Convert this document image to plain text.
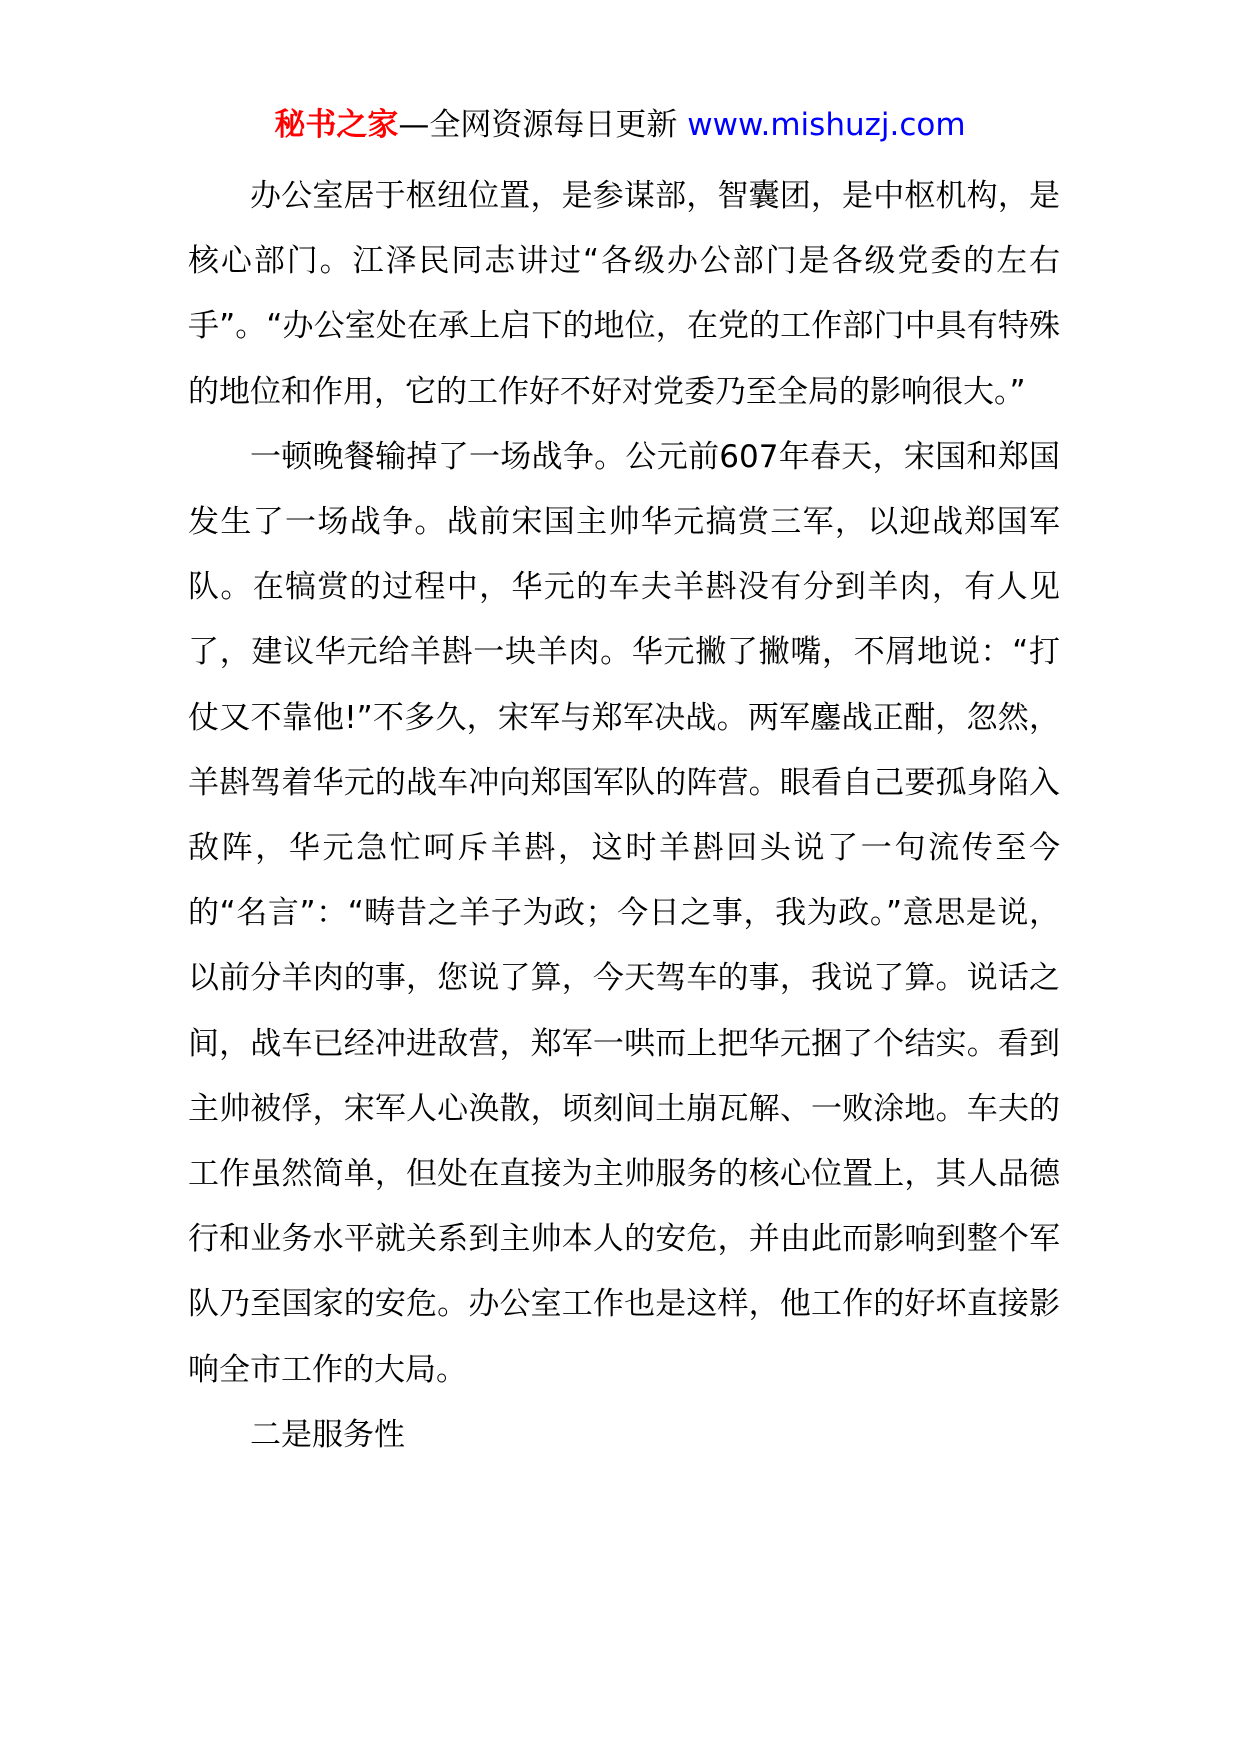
秘书之家—全网资源每日更新 www.mishuzj.com

办公室居于枢纽位置，是参谋部，智囊团，是中枢机构，是核心部门。江泽民同志讲过“各级办公部门是各级党委的左右手”。“办公室处在承上启下的地位，在党的工作部门中具有特殊的地位和作用，它的工作好不好对党委乃至全局的影响很大。”

一顿晚餐输掉了一场战争。公元前607年春天，宋国和郑国发生了一场战争。战前宋国主帅华元搞赏三军，以迎战郑国军队。在犒赏的过程中，华元的车夫羊斟没有分到羊肉，有人见了，建议华元给羊斟一块羊肉。华元撇了撇嘴，不屑地说：“打仗又不靠他!”不多久，宋军与郑军决战。两军鏖战正酣，忽然，羊斟驾着华元的战车冲向郑国军队的阵营。眼看自己要孤身陷入敌阵，华元急忙呵斥羊斟，这时羊斟回头说了一句流传至今的“名言”：“畴昔之羊子为政；今日之事，我为政。”意思是说，以前分羊肉的事，您说了算，今天驾车的事，我说了算。说话之间，战车已经冲进敌营，郑军一哄而上把华元捆了个结实。看到主帅被俘，宋军人心涣散，顷刻间土崩瓦解、一败涂地。车夫的工作虽然简单，但处在直接为主帅服务的核心位置上，其人品德行和业务水平就关系到主帅本人的安危，并由此而影响到整个军队乃至国家的安危。办公室工作也是这样，他工作的好坏直接影响全市工作的大局。

二是服务性
